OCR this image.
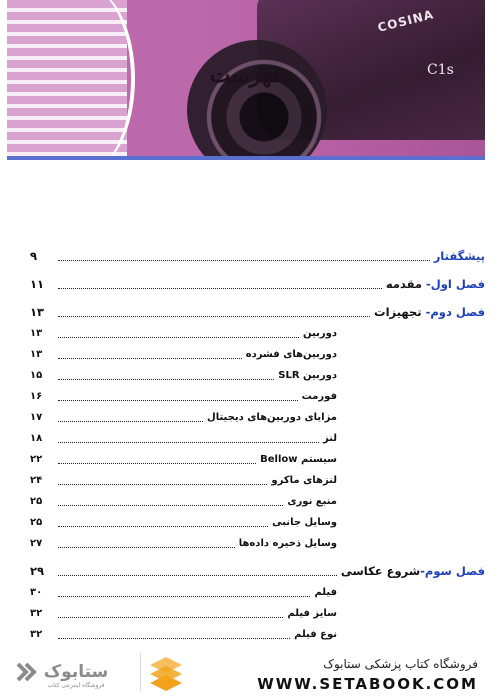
COSINA
C1s
فهرست
پیشگفتار
۹
فصل اول- مقدمه
۱۱
فصل دوم- تجهیزات
۱۳
دوربین
۱۳
دوربین‌های فشرده
۱۳
دوربین SLR
۱۵
فورمت
۱۶
مزایای دوربین‌های دیجیتال
۱۷
لنز
۱۸
سیستم Bellow
۲۲
لنزهای ماکرو
۲۴
منبع نوری
۲۵
وسایل جانبی
۲۵
وسایل ذخیره داده‌ها
۲۷
فصل سوم-شروع عکاسی
۲۹
فیلم
۳۰
سایز فیلم
۳۲
نوع فیلم
۳۲
ستابوک
فروشگاه اینترنتی کتاب
فروشگاه کتاب پزشکی ستابوک
WWW.SETABOOK.COM
